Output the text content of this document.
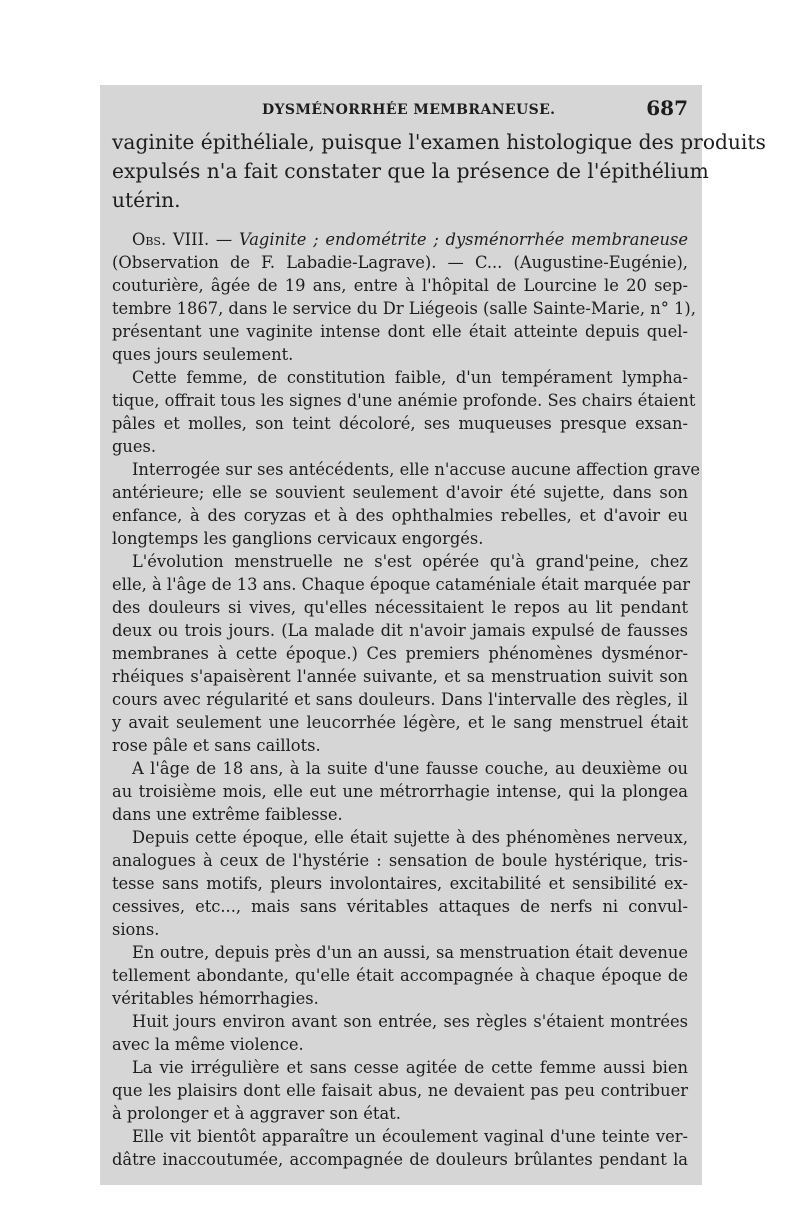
DYSMÉNORRHÉE MEMBRANEUSE.	687
vaginite épithéliale, puisque l'examen histologique des produits
expulsés n'a fait constater que la présence de l'épithélium
utérin.
Obs. VIII. — Vaginite ; endométrite ; dysménorrhée membraneuse
(Observation de F. Labadie-Lagrave). — C... (Augustine-Eugénie),
couturière, âgée de 19 ans, entre à l'hôpital de Lourcine le 20 sep-
tembre 1867, dans le service du Dr Liégeois (salle Sainte-Marie, n° 1),
présentant une vaginite intense dont elle était atteinte depuis quel-
ques jours seulement.
Cette femme, de constitution faible, d'un tempérament lympha-
tique, offrait tous les signes d'une anémie profonde. Ses chairs étaient
pâles et molles, son teint décoloré, ses muqueuses presque exsan-
gues.
Interrogée sur ses antécédents, elle n'accuse aucune affection grave
antérieure; elle se souvient seulement d'avoir été sujette, dans son
enfance, à des coryzas et à des ophthalmies rebelles, et d'avoir eu
longtemps les ganglions cervicaux engorgés.
L'évolution menstruelle ne s'est opérée qu'à grand'peine, chez
elle, à l'âge de 13 ans. Chaque époque cataméniale était marquée par
des douleurs si vives, qu'elles nécessitaient le repos au lit pendant
deux ou trois jours. (La malade dit n'avoir jamais expulsé de fausses
membranes à cette époque.) Ces premiers phénomènes dysménor-
rhéiques s'apaisèrent l'année suivante, et sa menstruation suivit son
cours avec régularité et sans douleurs. Dans l'intervalle des règles, il
y avait seulement une leucorrhée légère, et le sang menstruel était
rose pâle et sans caillots.
A l'âge de 18 ans, à la suite d'une fausse couche, au deuxième ou
au troisième mois, elle eut une métrorrhagie intense, qui la plongea
dans une extrême faiblesse.
Depuis cette époque, elle était sujette à des phénomènes nerveux,
analogues à ceux de l'hystérie : sensation de boule hystérique, tris-
tesse sans motifs, pleurs involontaires, excitabilité et sensibilité ex-
cessives, etc..., mais sans véritables attaques de nerfs ni convul-
sions.
En outre, depuis près d'un an aussi, sa menstruation était devenue
tellement abondante, qu'elle était accompagnée à chaque époque de
véritables hémorrhagies.
Huit jours environ avant son entrée, ses règles s'étaient montrées
avec la même violence.
La vie irrégulière et sans cesse agitée de cette femme aussi bien
que les plaisirs dont elle faisait abus, ne devaient pas peu contribuer
à prolonger et à aggraver son état.
Elle vit bientôt apparaître un écoulement vaginal d'une teinte ver-
dâtre inaccoutumée, accompagnée de douleurs brûlantes pendant la
